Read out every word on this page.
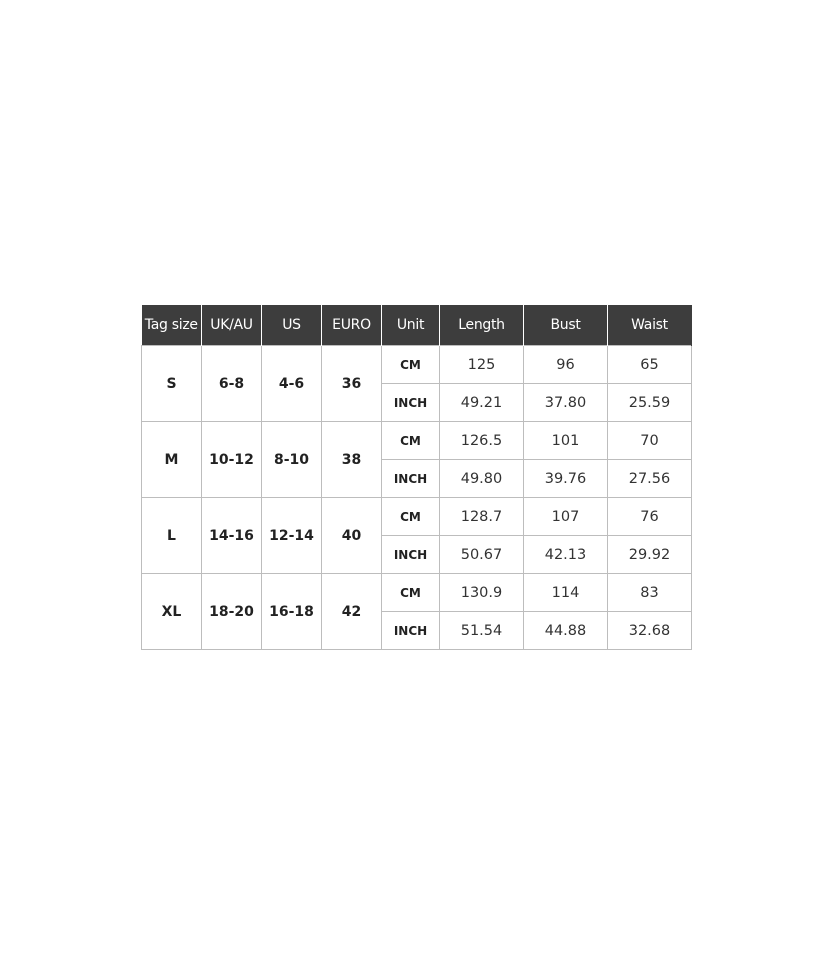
Tag size	UK/AU	US	EURO	Unit	Length	Bust	Waist
S	6-8	4-6	36	CM	125	96	65
				INCH	49.21	37.80	25.59
M	10-12	8-10	38	CM	126.5	101	70
				INCH	49.80	39.76	27.56
L	14-16	12-14	40	CM	128.7	107	76
				INCH	50.67	42.13	29.92
XL	18-20	16-18	42	CM	130.9	114	83
				INCH	51.54	44.88	32.68
